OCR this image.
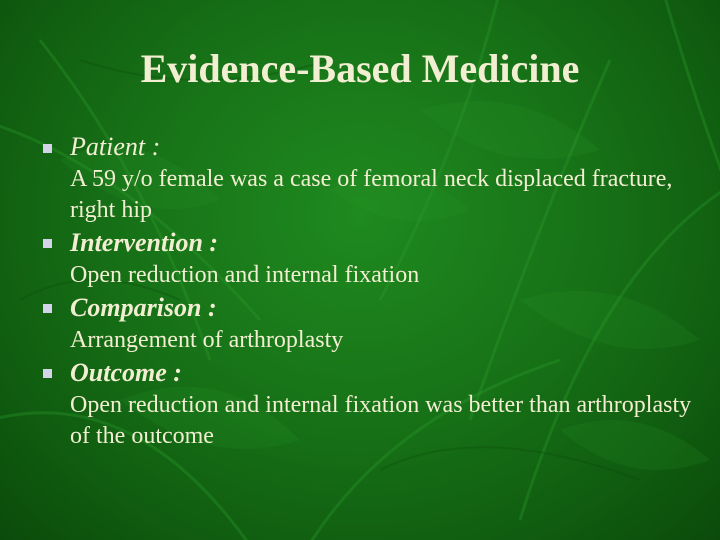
Evidence-Based Medicine
Patient :
A 59 y/o female was a case of femoral neck displaced fracture, right hip
Intervention :
Open reduction and internal fixation
Comparison :
Arrangement of arthroplasty
Outcome :
Open reduction and internal fixation was better than arthroplasty of the outcome
